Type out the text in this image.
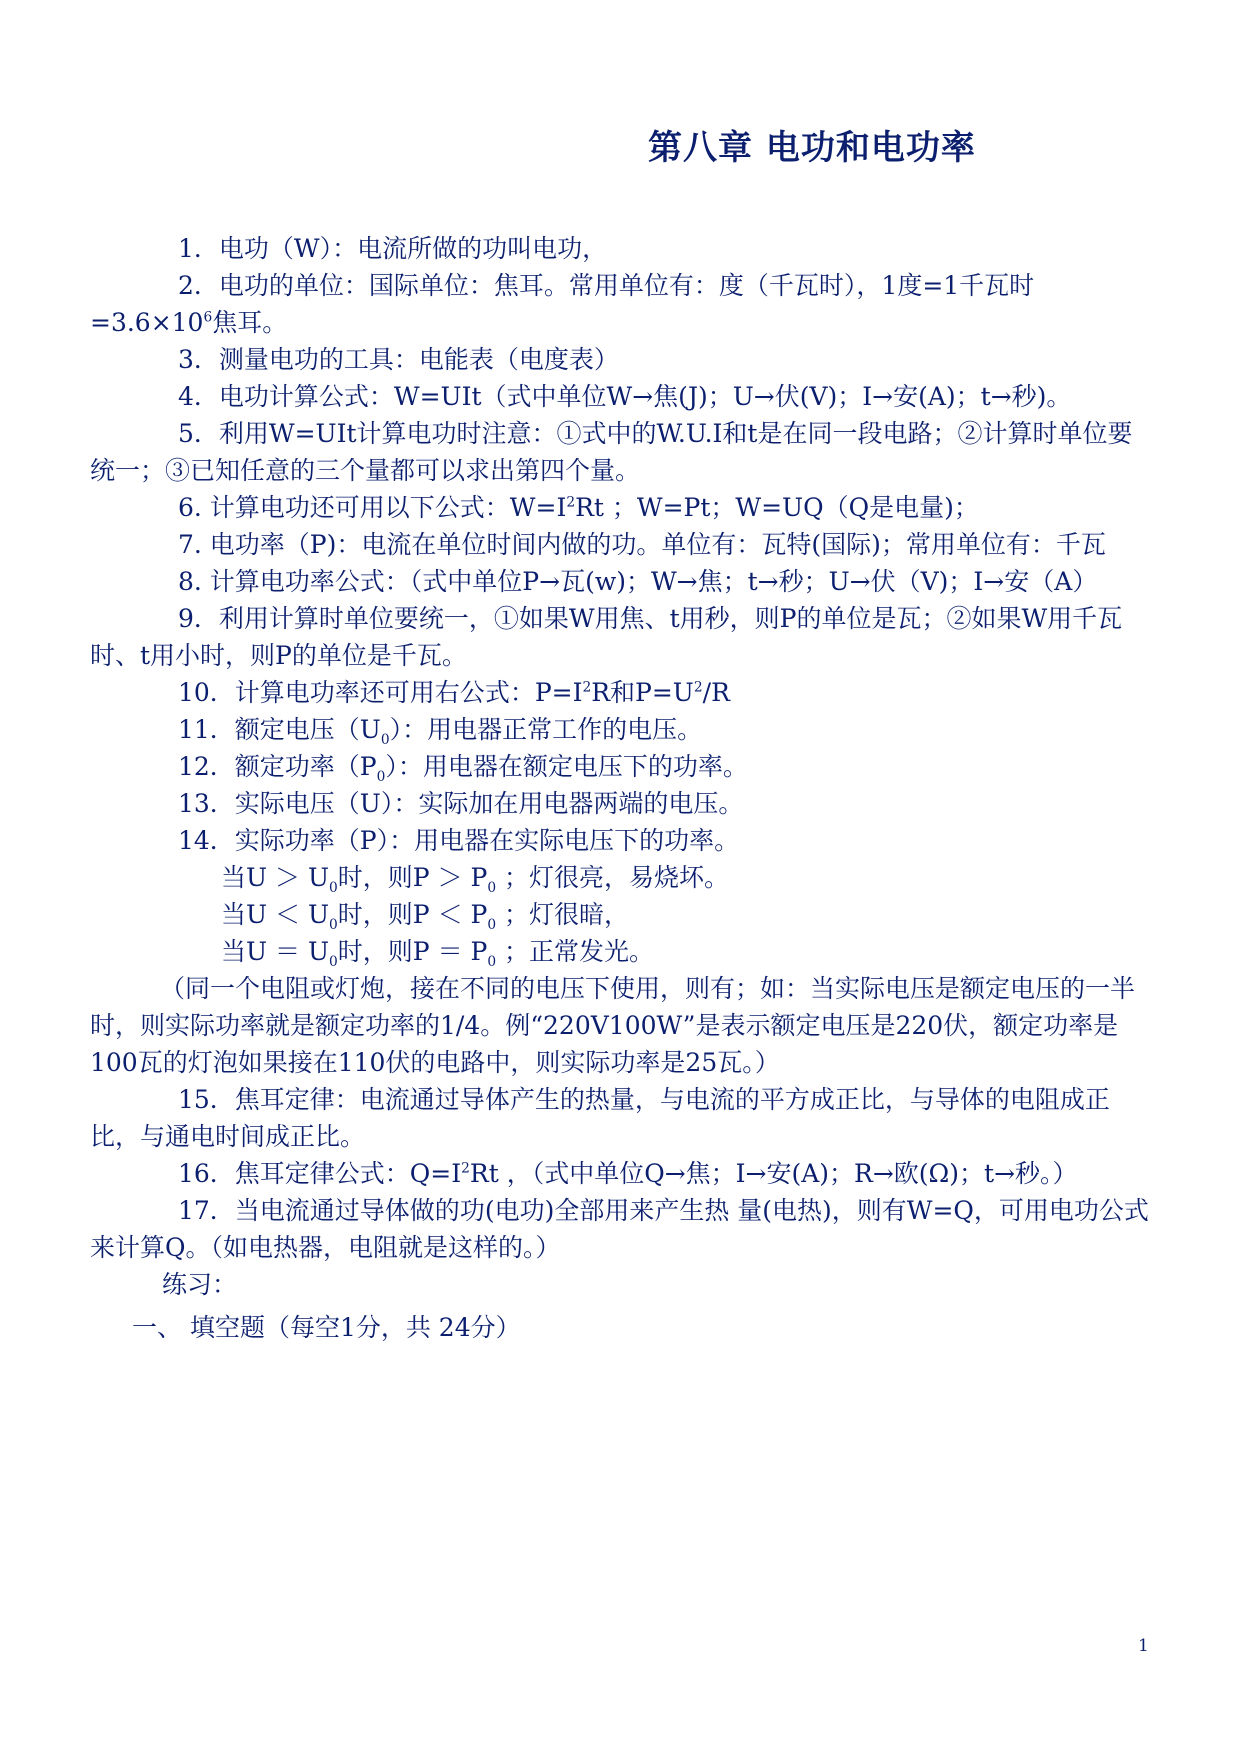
第八章 电功和电功率

1．电功（W）：电流所做的功叫电功，

2．电功的单位：国际单位：焦耳。常用单位有：度（千瓦时），1度=1千瓦时$=3.6\times 10^6$焦耳。

3．测量电功的工具：电能表（电度表）

4．电功计算公式：W=UIt（式中单位W→焦(J)；U→伏(V)；I→安(A)；t→秒)。

5．利用W=UIt计算电功时注意：①式中的W.U.I和t是在同一段电路；②计算时单位要统一；③已知任意的三个量都可以求出第四个量。

6. 计算电功还可用以下公式：$W=I^2Rt$ ；W=Pt；W=UQ（Q是电量)；

7. 电功率（P)：电流在单位时间内做的功。单位有：瓦特(国际)；常用单位有：千瓦

8. 计算电功率公式：（式中单位P→瓦(w)；W→焦；t→秒；U→伏（V)；I→安（A）

9．利用计算时单位要统一，①如果W用焦、t用秒，则P的单位是瓦；②如果W用千瓦时、t用小时，则P的单位是千瓦。

10．计算电功率还可用右公式：$P=I^2R$和$P=U^2/R$

11．额定电压$(U_0)$：用电器正常工作的电压。

12．额定功率$(P_0)$：用电器在额定电压下的功率。

13．实际电压（U）：实际加在用电器两端的电压。

14．实际功率（P）：用电器在实际电压下的功率。

当$U > U_0$时，则$P > P_0$ ；灯很亮，易烧坏。

当$U < U_0$时，则$P < P_0$ ；灯很暗，

当$U = U_0$时，则$P = P_0$ ；正常发光。

（同一个电阻或灯炮，接在不同的电压下使用，则有；如：当实际电压是额定电压的一半时，则实际功率就是额定功率的1/4。例“220V100W”是表示额定电压是220伏，额定功率是100瓦的灯泡如果接在110伏的电路中，则实际功率是25瓦。）

15．焦耳定律：电流通过导体产生的热量，与电流的平方成正比，与导体的电阻成正比，与通电时间成正比。

16．焦耳定律公式：$Q=I^2Rt$ ，（式中单位Q→焦；I→安(A)；R→欧(Ω)；t→秒。）

17．当电流通过导体做的功(电功)全部用来产生热 量(电热)，则有W=Q，可用电功公式来计算Q。（如电热器，电阻就是这样的。）

练习：

一、 填空题（每空1分，共 24分）

1
